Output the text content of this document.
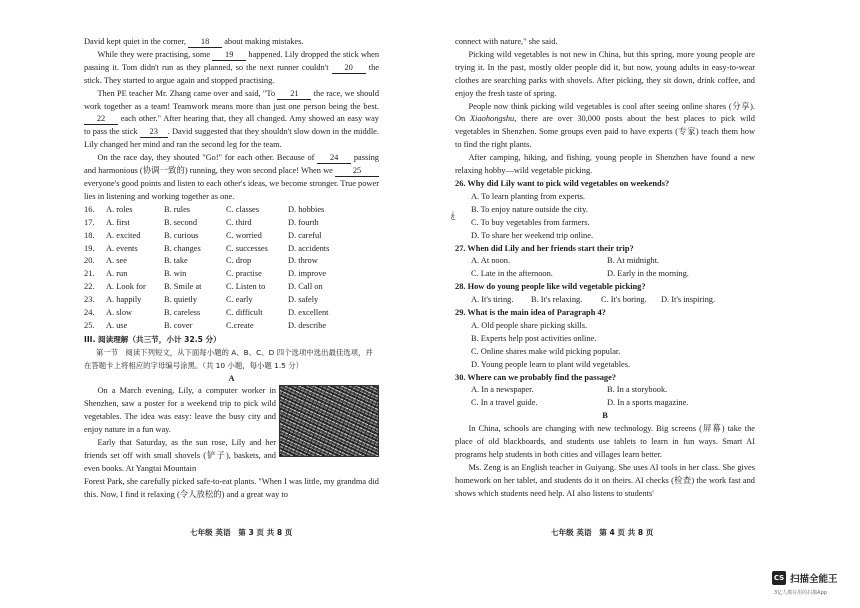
David kept quiet in the corner, 18 about making mistakes.
While they were practising, some 19 happened. Lily dropped the stick when passing it. Tom didn't run as they planned, so the next runner couldn't 20 the stick. They started to argue again and stopped practising.
Then PE teacher Mr. Zhang came over and said, "To 21 the race, we should work together as a team! Teamwork means more than just one person being the best. 22 each other." After hearing that, they all changed. Amy showed an easy way to pass the stick 23 . David suggested that they shouldn't slow down in the middle. Lily changed her mind and ran the second leg for the team.
On the race day, they shouted "Go!" for each other. Because of 24 passing and harmonious (协调一致的) running, they won second place! When we 25 everyone's good points and listen to each other's ideas, we become stronger. True power lies in listening and working together as one.
16.	A. roles	B. rules	C. classes	D. hobbies
17.	A. first	B. second	C. third	D. fourth
18.	A. excited	B. curious	C. worried	D. careful
19.	A. events	B. changes	C. successes	D. accidents
20.	A. see	B. take	C. drop	D. throw
21.	A. run	B. win	C. practise	D. improve
22.	A. Look for	B. Smile at	C. Listen to	D. Call on
23.	A. happily	B. quietly	C. early	D. safely
24.	A. slow	B. careless	C. difficult	D. excellent
25.	A. use	B. cover	C.create	D. describe
III. 阅读理解（共三节，小计 32.5 分）
第一节　阅读下列短文，从下面每小题的 A、B、C、D 四个选项中选出最佳选项，并在答题卡上将相应的字母编号涂黑。（共 10 小题，每小题 1.5 分）
A
On a March evening, Lily, a computer worker in Shenzhen, saw a poster for a weekend trip to pick wild vegetables. The idea was easy: leave the busy city and enjoy nature in a fun way.
Early that Saturday, as the sun rose, Lily and her friends set off with small shovels (铲子), baskets, and even books. At Yangtai Mountain
Forest Park, she carefully picked safe-to-eat plants. "When I was little, my grandma did this. Now, I find it relaxing (令人放松的) and a great way to
七年级 英语　第 3 页 共 8 页
connect with nature," she said.
Picking wild vegetables is not new in China, but this spring, more young people are trying it. In the past, mostly older people did it, but now, young adults in easy-to-wear clothes are searching parks with shovels. After picking, they sit down, drink coffee, and enjoy the fresh taste of spring.
People now think picking wild vegetables is cool after seeing online shares (分享). On Xiaohongshu, there are over 30,000 posts about the best places to pick wild vegetables in Shenzhen. Some groups even paid to have experts (专家) teach them how to find the right plants.
After camping, hiking, and fishing, young people in Shenzhen have found a new relaxing hobby—wild vegetable picking.
26. Why did Lily want to pick wild vegetables on weekends?
A. To learn planting from experts.
B. To enjoy nature outside the city.
C. To buy vegetables from farmers.
D. To share her weekend trip online.
27. When did Lily and her friends start their trip?
A. At noon.	B. At midnight.
C. Late in the afternoon.	D. Early in the morning.
28. How do young people like wild vegetable picking?
A. It's tiring.	B. It's relaxing.	C. It's boring.	D. It's inspiring.
29. What is the main idea of Paragraph 4?
A. Old people share picking skills.
B. Experts help post activities online.
C. Online shares make wild picking popular.
D. Young people learn to plant wild vegetables.
30. Where can we probably find the passage?
A. In a newspaper.	B. In a storybook.
C. In a travel guide.	D. In a sports magazine.
B
In China, schools are changing with new technology. Big screens (屏幕) take the place of old blackboards, and students use tablets to learn in fun ways. Smart AI programs help students in both cities and villages learn better.
Ms. Zeng is an English teacher in Guiyang. She uses AI tools in her class. She gives homework on her tablet, and students do it on theirs. AI checks (检查) the work fast and shows which students need help. AI also listens to students'
七年级 英语　第 4 页 共 8 页
ۼ
CS 扫描全能王
3亿人都在用的扫描App
